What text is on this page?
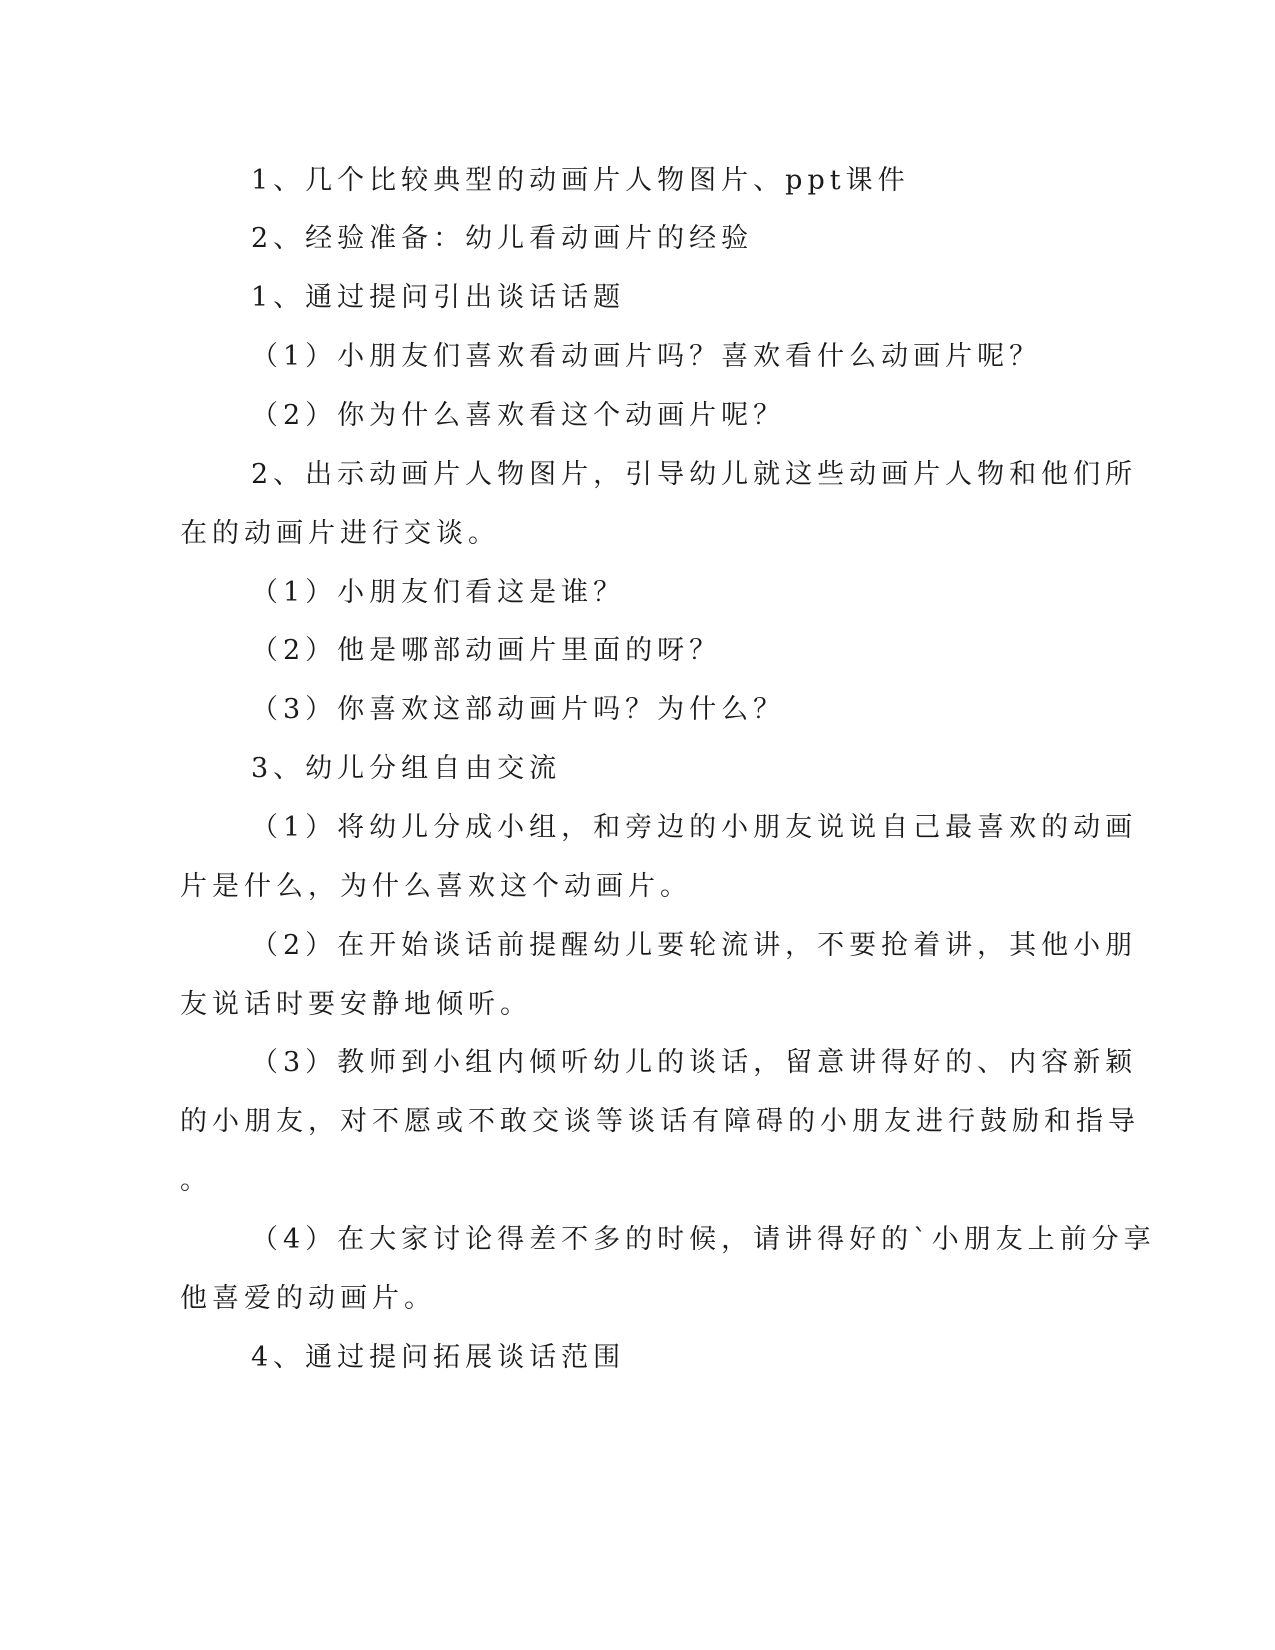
1、几个比较典型的动画片人物图片、ppt课件
2、经验准备：幼儿看动画片的经验
1、通过提问引出谈话话题
（1）小朋友们喜欢看动画片吗？喜欢看什么动画片呢？
（2）你为什么喜欢看这个动画片呢？
2、出示动画片人物图片，引导幼儿就这些动画片人物和他们所
在的动画片进行交谈。
（1）小朋友们看这是谁？
（2）他是哪部动画片里面的呀？
（3）你喜欢这部动画片吗？为什么？
3、幼儿分组自由交流
（1）将幼儿分成小组，和旁边的小朋友说说自己最喜欢的动画
片是什么，为什么喜欢这个动画片。
（2）在开始谈话前提醒幼儿要轮流讲，不要抢着讲，其他小朋
友说话时要安静地倾听。
（3）教师到小组内倾听幼儿的谈话，留意讲得好的、内容新颖
的小朋友，对不愿或不敢交谈等谈话有障碍的小朋友进行鼓励和指导
。
（4）在大家讨论得差不多的时候，请讲得好的`小朋友上前分享
他喜爱的动画片。
4、通过提问拓展谈话范围
